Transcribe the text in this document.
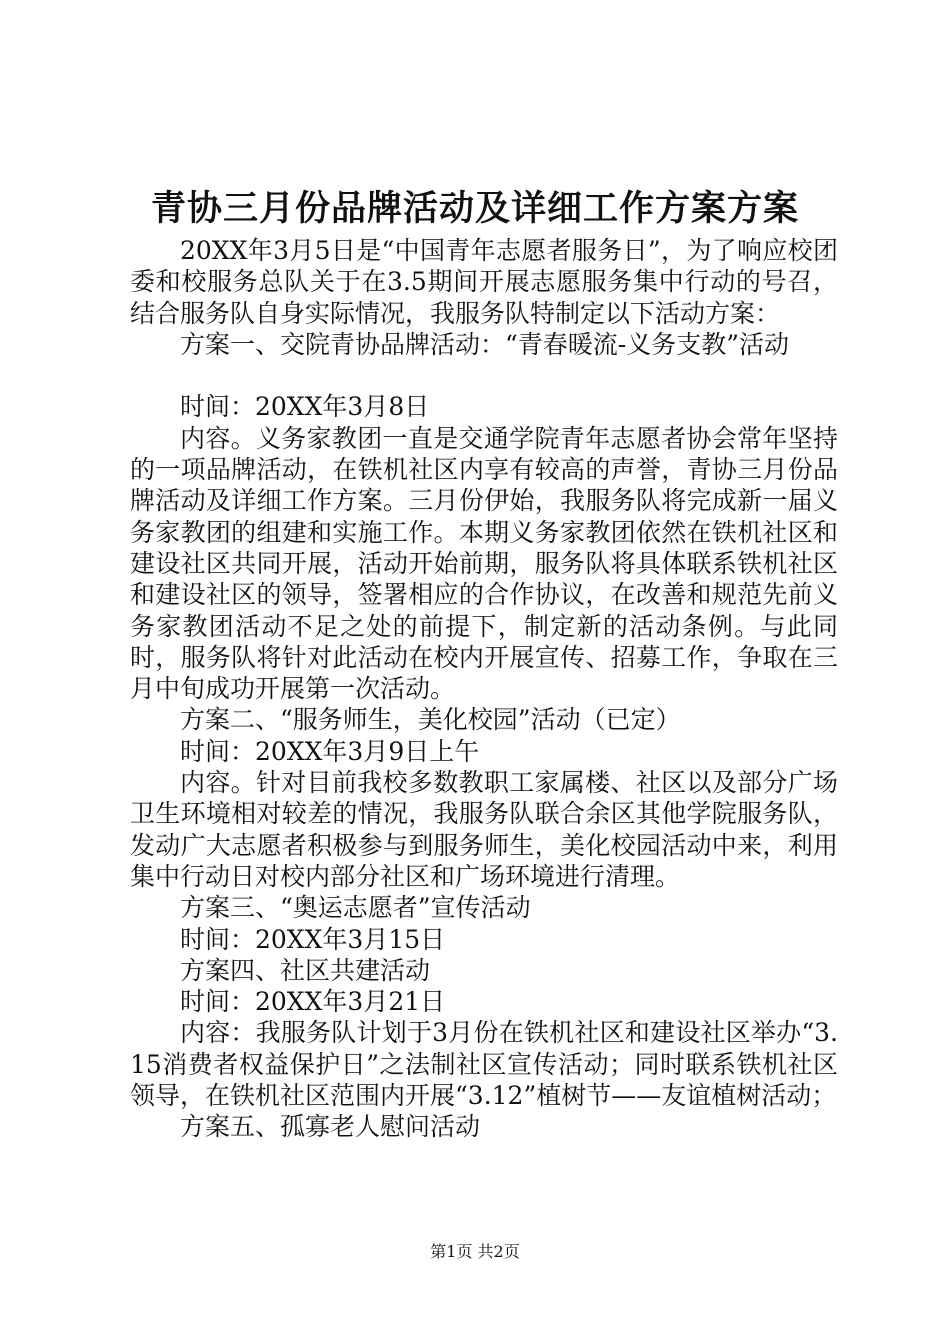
青协三月份品牌活动及详细工作方案方案

20XX年3月5日是“中国青年志愿者服务日”，为了响应校团委和校服务总队关于在3.5期间开展志愿服务集中行动的号召，结合服务队自身实际情况，我服务队特制定以下活动方案：

方案一、交院青协品牌活动：“青春暖流-义务支教”活动

时间：20XX年3月8日

内容。义务家教团一直是交通学院青年志愿者协会常年坚持的一项品牌活动，在铁机社区内享有较高的声誉，青协三月份品牌活动及详细工作方案。三月份伊始，我服务队将完成新一届义务家教团的组建和实施工作。本期义务家教团依然在铁机社区和建设社区共同开展，活动开始前期，服务队将具体联系铁机社区和建设社区的领导，签署相应的合作协议，在改善和规范先前义务家教团活动不足之处的前提下，制定新的活动条例。与此同时，服务队将针对此活动在校内开展宣传、招募工作，争取在三月中旬成功开展第一次活动。

方案二、“服务师生，美化校园”活动（已定）

时间：20XX年3月9日上午

内容。针对目前我校多数教职工家属楼、社区以及部分广场卫生环境相对较差的情况，我服务队联合余区其他学院服务队，发动广大志愿者积极参与到服务师生，美化校园活动中来，利用集中行动日对校内部分社区和广场环境进行清理。

方案三、“奥运志愿者”宣传活动

时间：20XX年3月15日

方案四、社区共建活动

时间：20XX年3月21日

内容：我服务队计划于3月份在铁机社区和建设社区举办“3.15消费者权益保护日”之法制社区宣传活动；同时联系铁机社区领导，在铁机社区范围内开展“3.12”植树节——友谊植树活动；

方案五、孤寡老人慰问活动

第1页 共2页
